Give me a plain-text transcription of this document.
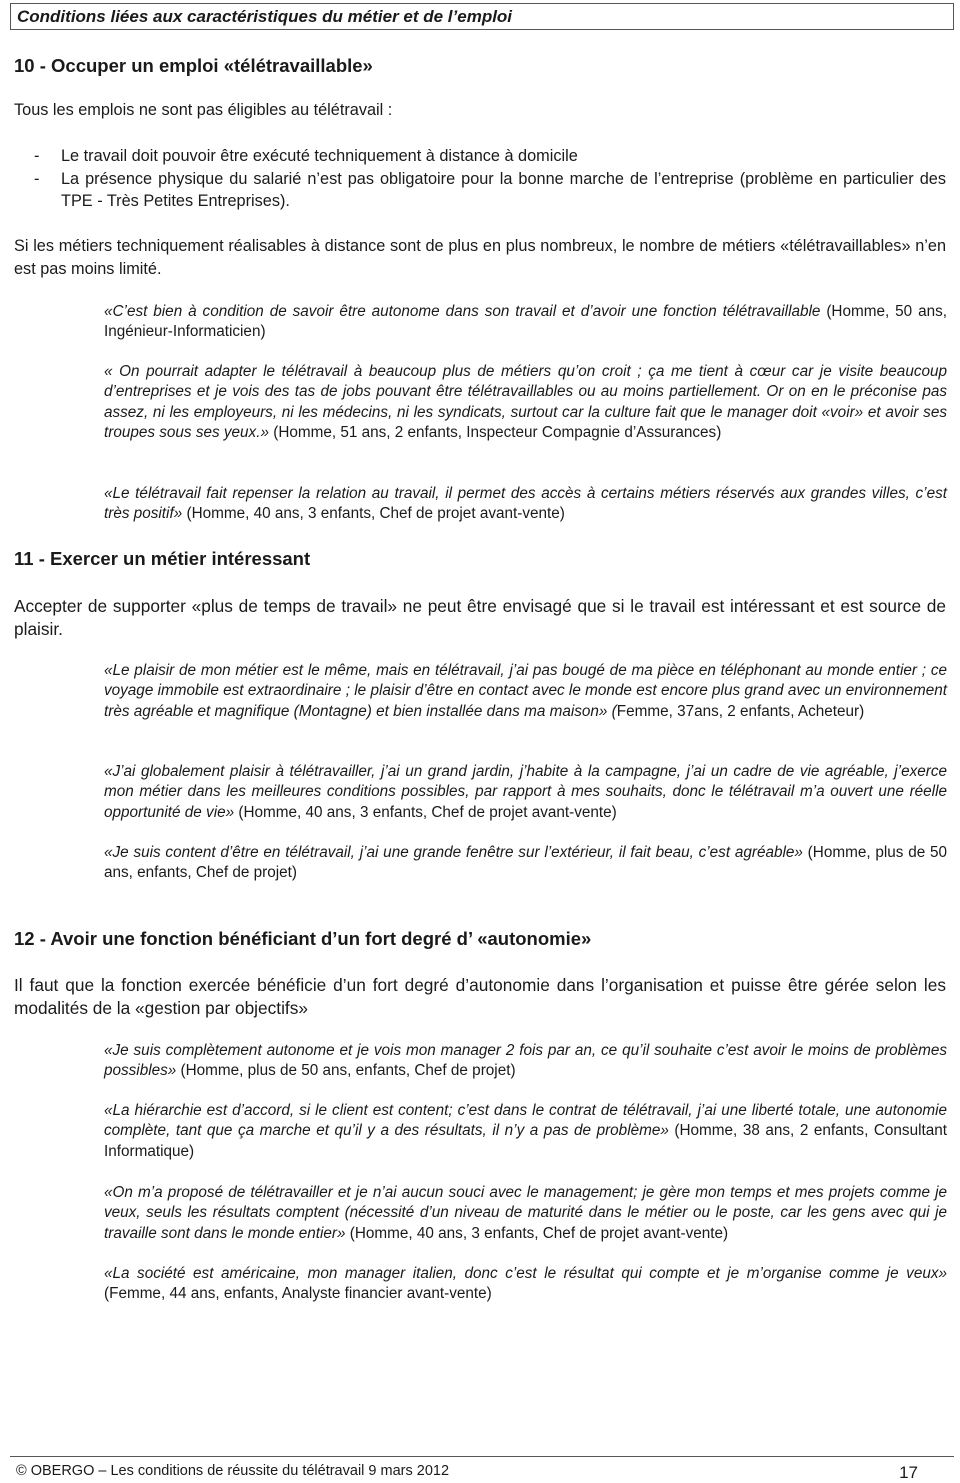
Conditions liées aux caractéristiques du métier et de l’emploi
10 - Occuper un emploi «télétravaillable»
Tous les emplois ne sont pas éligibles au télétravail :
- Le travail doit pouvoir être exécuté techniquement à distance à domicile
- La présence physique du salarié n’est pas obligatoire pour la bonne marche de l’entreprise (problème en particulier des TPE - Très Petites Entreprises).
Si les métiers techniquement réalisables à distance sont de plus en plus nombreux, le nombre de métiers «télétravaillables» n’en est pas moins limité.
«C’est bien à condition de savoir être autonome dans son travail et d’avoir une fonction télétravaillable (Homme, 50 ans, Ingénieur-Informaticien)
« On pourrait adapter le télétravail à beaucoup plus de métiers qu’on croit ; ça me tient à cœur car je visite beaucoup d’entreprises et je vois des tas de jobs pouvant être télétravaillables ou au moins partiellement. Or on en le préconise pas assez, ni les employeurs, ni les médecins, ni les syndicats, surtout car la culture fait que le manager doit «voir» et avoir ses troupes sous ses yeux.» (Homme, 51 ans, 2 enfants, Inspecteur Compagnie d’Assurances)
«Le télétravail fait repenser la relation au travail, il permet des accès à certains métiers réservés aux grandes villes, c’est très positif» (Homme, 40 ans, 3 enfants, Chef de projet avant-vente)
11 - Exercer un métier intéressant
Accepter de supporter «plus de temps de travail» ne peut être envisagé que si le travail est intéressant et est source de plaisir.
«Le plaisir de mon métier est le même, mais en télétravail, j’ai pas bougé de ma pièce en téléphonant au monde entier ; ce voyage immobile est extraordinaire ; le plaisir d’être en contact avec le monde est encore plus grand avec un environnement très agréable et magnifique (Montagne) et bien installée dans ma maison» (Femme, 37ans, 2 enfants, Acheteur)
«J’ai globalement plaisir à télétravailler, j’ai un grand jardin, j’habite à la campagne, j’ai un cadre de vie agréable, j’exerce mon métier dans les meilleures conditions possibles, par rapport à mes souhaits, donc le télétravail m’a ouvert une réelle opportunité de vie» (Homme, 40 ans, 3 enfants, Chef de projet avant-vente)
«Je suis content d’être en télétravail, j’ai une grande fenêtre sur l’extérieur, il fait beau, c’est agréable» (Homme, plus de 50 ans, enfants, Chef de projet)
12 - Avoir une fonction bénéficiant d’un fort degré d’ «autonomie»
Il faut que la fonction exercée bénéficie d’un fort degré d’autonomie dans l’organisation et puisse être gérée selon les modalités de la «gestion par objectifs»
«Je suis complètement autonome et je vois mon manager 2 fois par an, ce qu’il souhaite c’est avoir le moins de problèmes possibles» (Homme, plus de 50 ans, enfants, Chef de projet)
«La hiérarchie est d’accord, si le client est content; c’est dans le contrat de télétravail, j’ai une liberté totale, une autonomie complète, tant que ça marche et qu’il y a des résultats, il n’y a pas de problème» (Homme, 38 ans, 2 enfants, Consultant Informatique)
«On m’a proposé de télétravailler et je n’ai aucun souci avec le management; je gère mon temps et mes projets comme je veux, seuls les résultats comptent (nécessité d’un niveau de maturité dans le métier ou le poste, car les gens avec qui je travaille sont dans le monde entier» (Homme, 40 ans, 3 enfants, Chef de projet avant-vente)
«La société est américaine, mon manager italien, donc c’est le résultat qui compte et je m’organise comme je veux» (Femme, 44 ans, enfants, Analyste financier avant-vente)
© OBERGO – Les conditions de réussite du télétravail 9 mars 2012	17
